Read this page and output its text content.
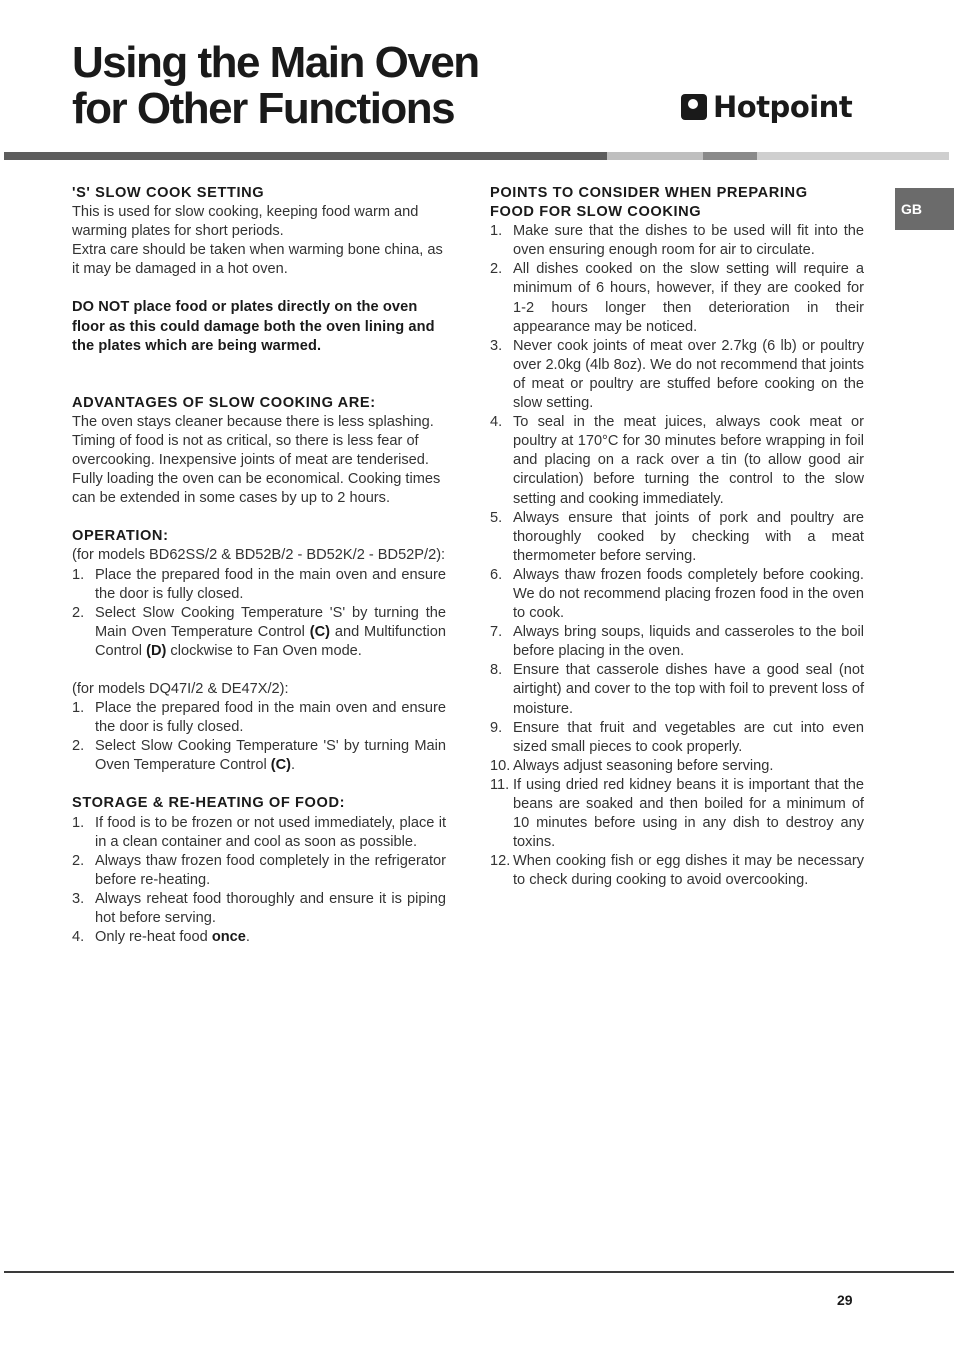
Using the Main Oven
for Other Functions	Hotpoint
GB

'S' SLOW COOK SETTING

This is used for slow cooking, keeping food warm and warming plates for short periods.

Extra care should be taken when warming bone china, as it may be damaged in a hot oven.

DO NOT place food or plates directly on the oven floor as this could damage both the oven lining and the plates which are being warmed.

ADVANTAGES OF SLOW COOKING ARE:

The oven stays cleaner because there is less splashing. Timing of food is not as critical, so there is less fear of overcooking. Inexpensive joints of meat are tenderised. Fully loading the oven can be economical. Cooking times can be extended in some cases by up to 2 hours.

OPERATION:

(for models BD62SS/2 & BD52B/2 - BD52K/2 - BD52P/2):

1. Place the prepared food in the main oven and ensure the door is fully closed.
2. Select Slow Cooking Temperature 'S' by turning the Main Oven Temperature Control (C) and Multifunction Control (D) clockwise to Fan Oven mode.

(for models DQ47I/2 & DE47X/2):

1. Place the prepared food in the main oven and ensure the door is fully closed.
2. Select Slow Cooking Temperature 'S' by turning Main Oven Temperature Control (C).

STORAGE & RE-HEATING OF FOOD:

1. If food is to be frozen or not used immediately, place it in a clean container and cool as soon as possible.
2. Always thaw frozen food completely in the refrigerator before re-heating.
3. Always reheat food thoroughly and ensure it is piping hot before serving.
4. Only re-heat food once.

POINTS TO CONSIDER WHEN PREPARING
FOOD FOR SLOW COOKING

1. Make sure that the dishes to be used will fit into the oven ensuring enough room for air to circulate.
2. All dishes cooked on the slow setting will require a minimum of 6 hours, however, if they are cooked for 1-2 hours longer then deterioration in their appearance may be noticed.
3. Never cook joints of meat over 2.7kg (6 lb) or poultry over 2.0kg (4lb 8oz). We do not recommend that joints of meat or poultry are stuffed before cooking on the slow setting.
4. To seal in the meat juices, always cook meat or poultry at 170°C for 30 minutes before wrapping in foil and placing on a rack over a tin (to allow good air circulation) before turning the control to the slow setting and cooking immediately.
5. Always ensure that joints of pork and poultry are thoroughly cooked by checking with a meat thermometer before serving.
6. Always thaw frozen foods completely before cooking. We do not recommend placing frozen food in the oven to cook.
7. Always bring soups, liquids and casseroles to the boil before placing in the oven.
8. Ensure that casserole dishes have a good seal (not airtight) and cover to the top with foil to prevent loss of moisture.
9. Ensure that fruit and vegetables are cut into even sized small pieces to cook properly.
10. Always adjust seasoning before serving.
11. If using dried red kidney beans it is important that the beans are soaked and then boiled for a minimum of 10 minutes before using in any dish to destroy any toxins.
12. When cooking fish or egg dishes it may be necessary to check during cooking to avoid overcooking.
29
